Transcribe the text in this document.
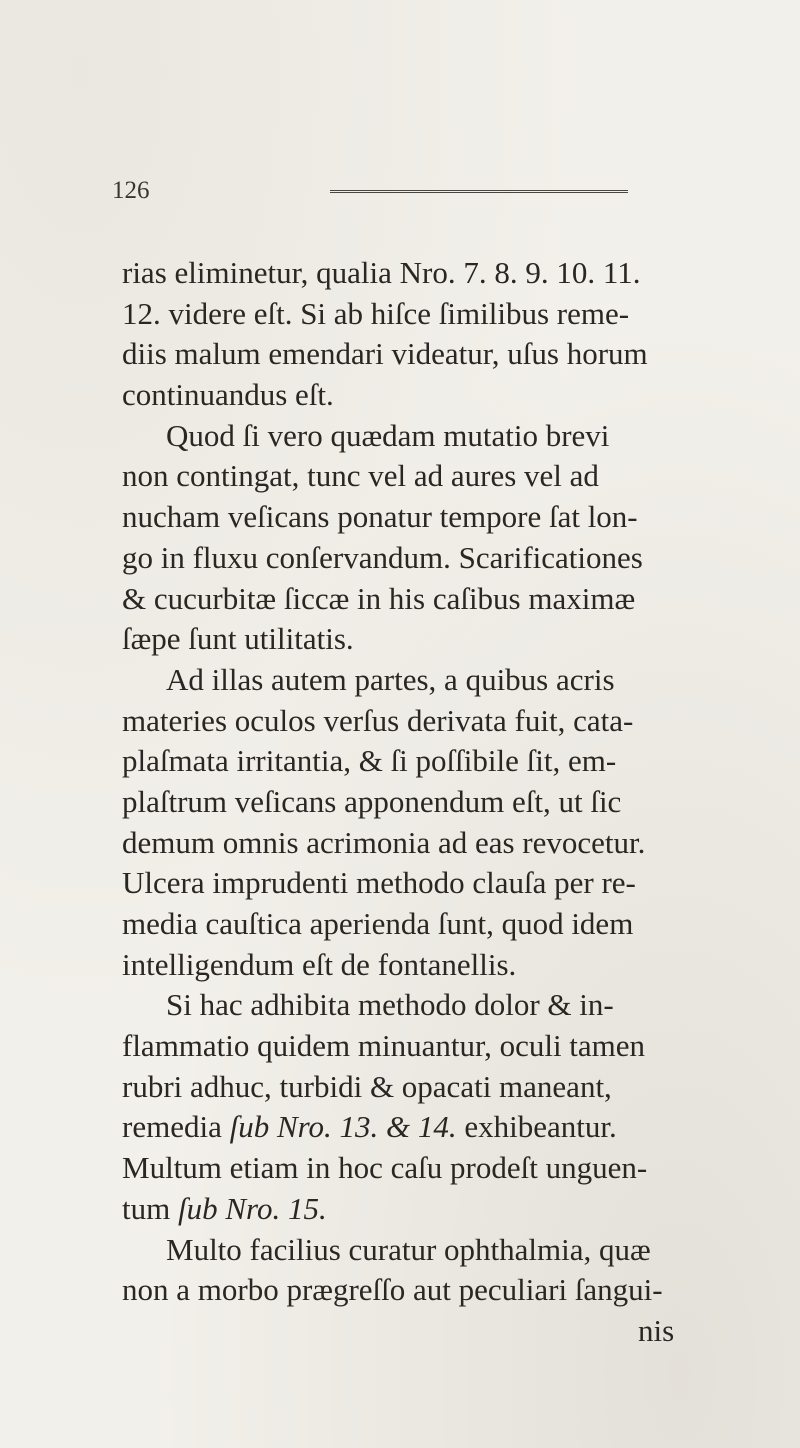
126
rias eliminetur, qualia Nro. 7. 8. 9. 10. 11.
12. videre eſt. Si ab hiſce ſimilibus reme-
diis malum emendari videatur, uſus horum
continuandus eſt.
Quod ſi vero quædam mutatio brevi
non contingat, tunc vel ad aures vel ad
nucham veſicans ponatur tempore ſat lon-
go in fluxu conſervandum. Scarificationes
& cucurbitæ ſiccæ in his caſibus maximæ
ſæpe ſunt utilitatis.
Ad illas autem partes, a quibus acris
materies oculos verſus derivata fuit, cata-
plaſmata irritantia, & ſi poſſibile ſit, em-
plaſtrum veſicans apponendum eſt, ut ſic
demum omnis acrimonia ad eas revocetur.
Ulcera imprudenti methodo clauſa per re-
media cauſtica aperienda ſunt, quod idem
intelligendum eſt de fontanellis.
Si hac adhibita methodo dolor & in-
flammatio quidem minuantur, oculi tamen
rubri adhuc, turbidi & opacati maneant,
remedia ſub Nro. 13. & 14. exhibeantur.
Multum etiam in hoc caſu prodeſt unguen-
tum ſub Nro. 15.
Multo facilius curatur ophthalmia, quæ
non a morbo prægreſſo aut peculiari ſangui-
nis
